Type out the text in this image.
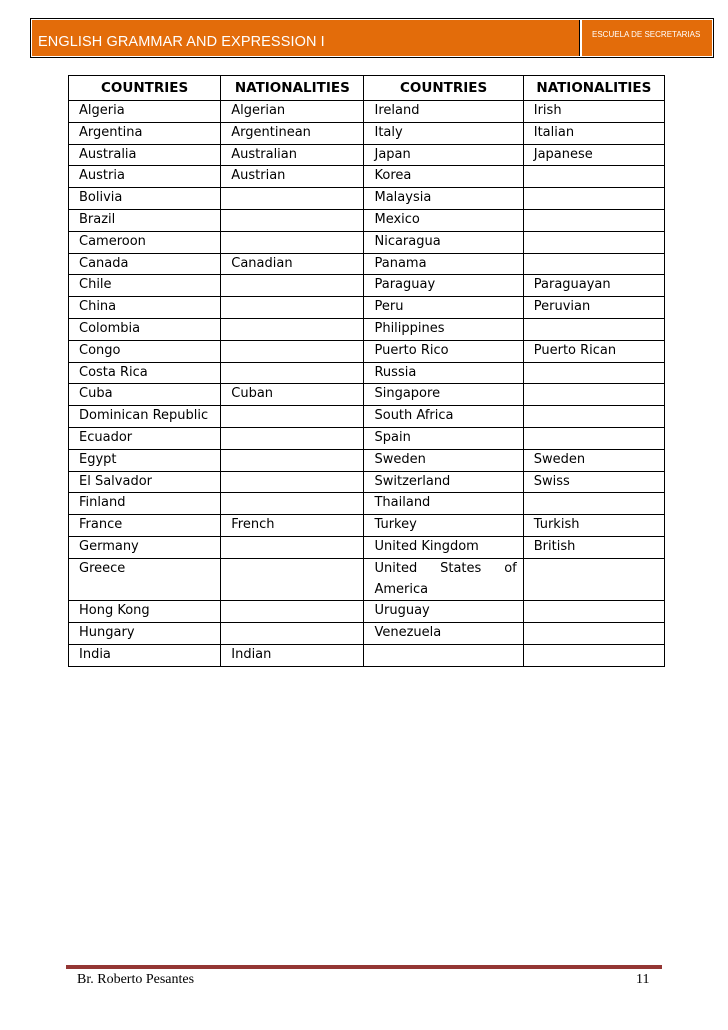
ENGLISH GRAMMAR AND EXPRESSION I	ESCUELA DE SECRETARIAS
COUNTRIES	NATIONALITIES	COUNTRIES	NATIONALITIES
Algeria	Algerian	Ireland	Irish
Argentina	Argentinean	Italy	Italian
Australia	Australian	Japan	Japanese
Austria	Austrian	Korea	
Bolivia		Malaysia	
Brazil		Mexico	
Cameroon		Nicaragua	
Canada	Canadian	Panama	
Chile		Paraguay	Paraguayan
China		Peru	Peruvian
Colombia		Philippines	
Congo		Puerto Rico	Puerto Rican
Costa Rica		Russia	
Cuba	Cuban	Singapore	
Dominican Republic		South Africa	
Ecuador		Spain	
Egypt		Sweden	Sweden
El Salvador		Switzerland	Swiss
Finland		Thailand	
France	French	Turkey	Turkish
Germany		United Kingdom	British
Greece		United States of America	
Hong Kong		Uruguay	
Hungary		Venezuela	
India	Indian		
Br. Roberto Pesantes	11
